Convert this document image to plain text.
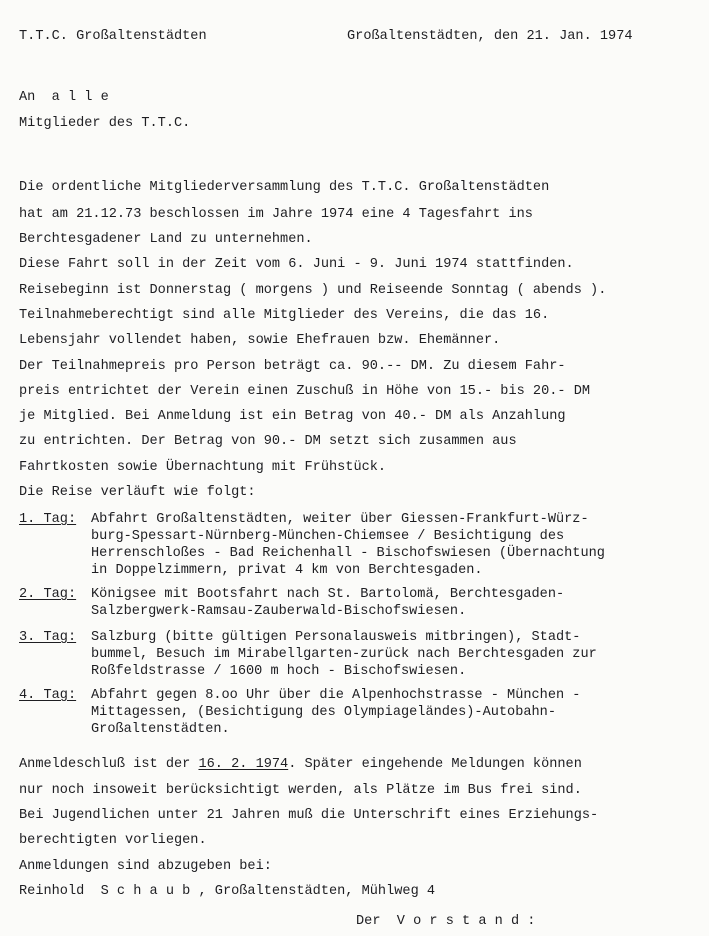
T.T.C. Großaltenstädten	Großaltenstädten, den 21. Jan. 1974
An  a l l e
Mitglieder des T.T.C.
Die ordentliche Mitgliederversammlung des T.T.C. Großaltenstädten
hat am 21.12.73 beschlossen im Jahre 1974 eine 4 Tagesfahrt ins
Berchtesgadener Land zu unternehmen.
Diese Fahrt soll in der Zeit vom 6. Juni - 9. Juni 1974 stattfinden.
Reisebeginn ist Donnerstag ( morgens ) und Reiseende Sonntag ( abends ).
Teilnahmeberechtigt sind alle Mitglieder des Vereins, die das 16.
Lebensjahr vollendet haben, sowie Ehefrauen bzw. Ehemänner.
Der Teilnahmepreis pro Person beträgt ca. 90.-- DM. Zu diesem Fahr-
preis entrichtet der Verein einen Zuschuß in Höhe von 15.- bis 20.- DM
je Mitglied. Bei Anmeldung ist ein Betrag von 40.- DM als Anzahlung
zu entrichten. Der Betrag von 90.- DM setzt sich zusammen aus
Fahrtkosten sowie Übernachtung mit Frühstück.
Die Reise verläuft wie folgt:
1. Tag: Abfahrt Großaltenstädten, weiter über Giessen-Frankfurt-Würz-
burg-Spessart-Nürnberg-München-Chiemsee / Besichtigung des
Herrenschloßes - Bad Reichenhall - Bischofswiesen (Übernachtung
in Doppelzimmern, privat 4 km von Berchtesgaden.
2. Tag: Königsee mit Bootsfahrt nach St. Bartolomä, Berchtesgaden-
Salzbergwerk-Ramsau-Zauberwald-Bischofswiesen.
3. Tag: Salzburg (bitte gültigen Personalausweis mitbringen), Stadt-
bummel, Besuch im Mirabellgarten-zurück nach Berchtesgaden zur
Roßfeldstrasse / 1600 m hoch - Bischofswiesen.
4. Tag: Abfahrt gegen 8.oo Uhr über die Alpenhochstrasse - München -
Mittagessen, (Besichtigung des Olympiageländes)-Autobahn-
Großaltenstädten.
Anmeldeschluß ist der 16. 2. 1974. Später eingehende Meldungen können
nur noch insoweit berücksichtigt werden, als Plätze im Bus frei sind.
Bei Jugendlichen unter 21 Jahren muß die Unterschrift eines Erziehungs-
berechtigten vorliegen.
Anmeldungen sind abzugeben bei:
Reinhold  S c h a u b , Großaltenstädten, Mühlweg 4
Der  V o r s t a n d :
